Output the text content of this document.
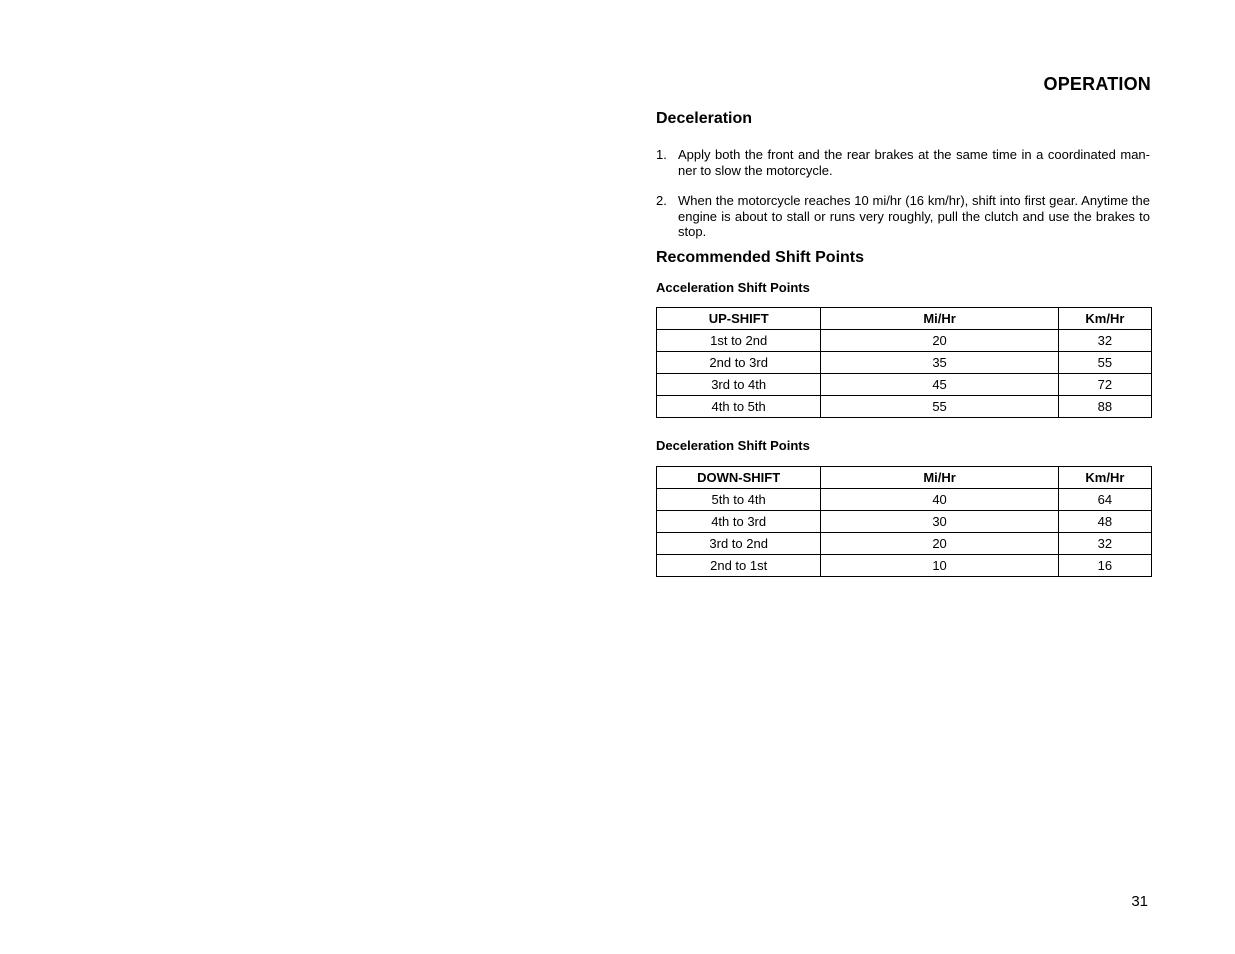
OPERATION
Deceleration
1. Apply both the front and the rear brakes at the same time in a coordinated man-ner to slow the motorcycle.
2. When the motorcycle reaches 10 mi/hr (16 km/hr), shift into first gear. Anytime the engine is about to stall or runs very roughly, pull the clutch and use the brakes to stop.
Recommended Shift Points
Acceleration Shift Points
UP-SHIFT	Mi/Hr	Km/Hr
1st to 2nd	20	32
2nd to 3rd	35	55
3rd to 4th	45	72
4th to 5th	55	88
Deceleration Shift Points
DOWN-SHIFT	Mi/Hr	Km/Hr
5th to 4th	40	64
4th to 3rd	30	48
3rd to 2nd	20	32
2nd to 1st	10	16

31
